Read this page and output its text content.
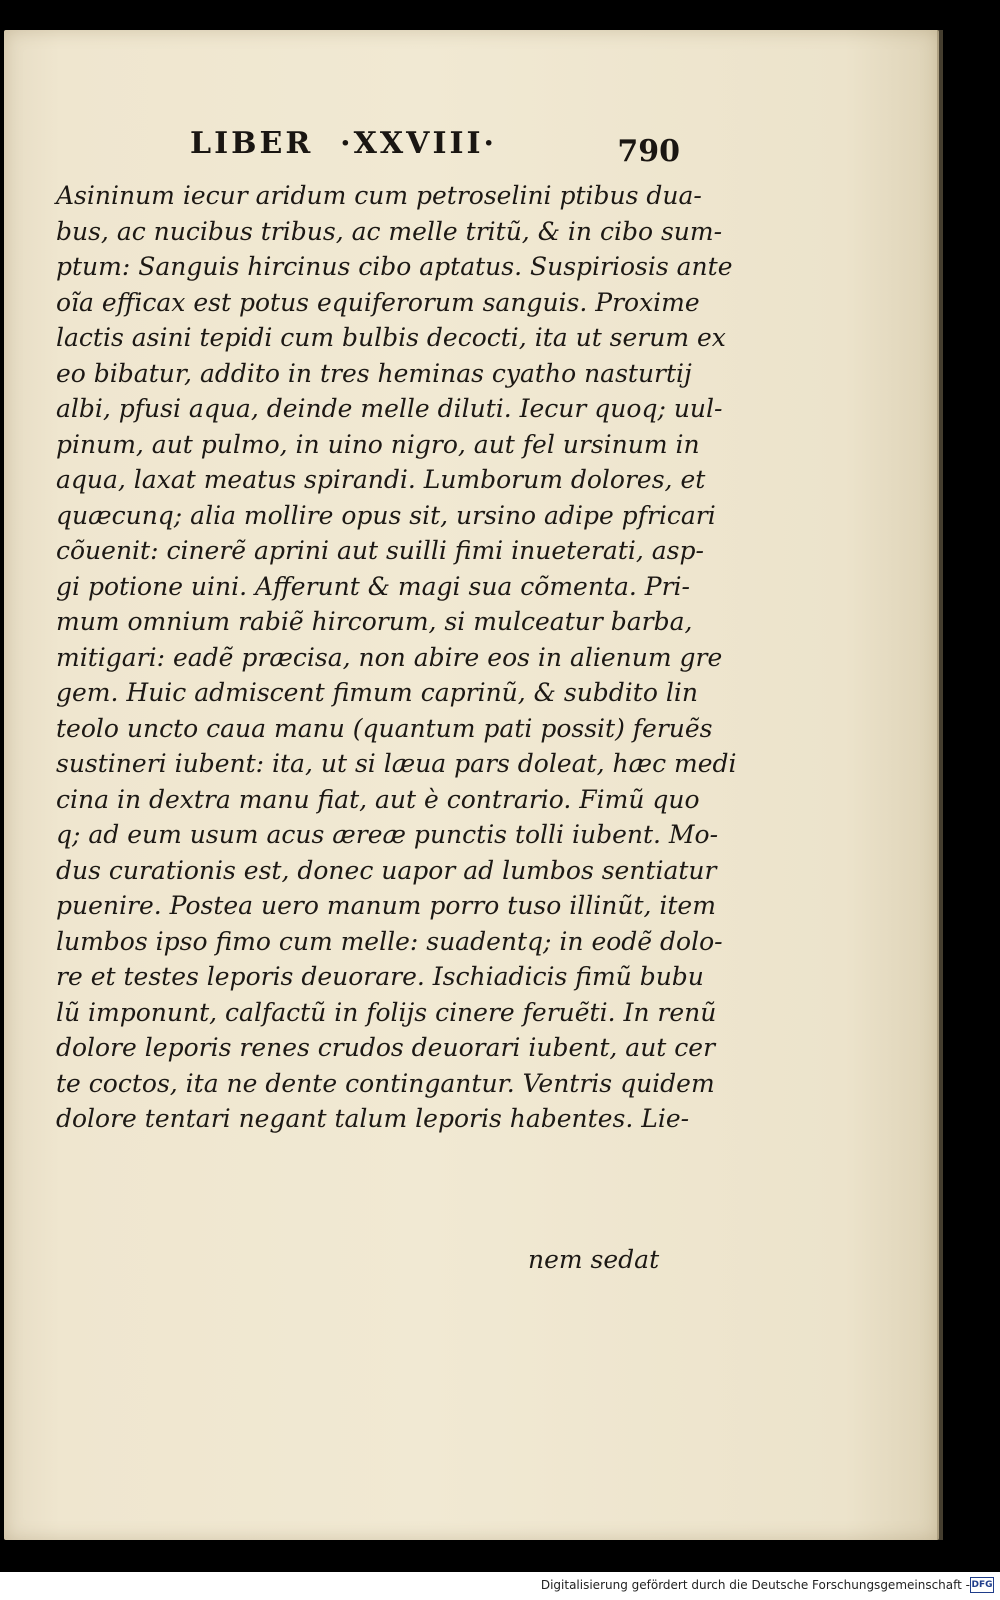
LIBER  ·XXVIII·	790
Asininum iecur aridum cum petroselini ptibus dua-
bus, ac nucibus tribus, ac melle tritũ, & in cibo sum-
ptum: Sanguis hircinus cibo aptatus. Suspiriosis ante
oĩa efficax est potus equiferorum sanguis. Proxime
lactis asini tepidi cum bulbis decocti, ita ut serum ex
eo bibatur, addito in tres heminas cyatho nasturtij
albi, pfusi aqua, deinde melle diluti. Iecur quoq; uul-
pinum, aut pulmo, in uino nigro, aut fel ursinum in
aqua, laxat meatus spirandi. Lumborum dolores, et
quæcunq; alia mollire opus sit, ursino adipe pfricari
cõuenit: cinerẽ aprini aut suilli fimi inueterati, asp-
gi potione uini. Afferunt & magi sua cõmenta. Pri-
mum omnium rabiẽ hircorum, si mulceatur barba,
mitigari: eadẽ præcisa, non abire eos in alienum gre
gem. Huic admiscent fimum caprinũ, & subdito lin
teolo uncto caua manu (quantum pati possit) feruẽs
sustineri iubent: ita, ut si læua pars doleat, hæc medi
cina in dextra manu fiat, aut è contrario. Fimũ quo
q; ad eum usum acus æreæ punctis tolli iubent. Mo-
dus curationis est, donec uapor ad lumbos sentiatur
puenire. Postea uero manum porro tuso illinũt, item
lumbos ipso fimo cum melle: suadentq; in eodẽ dolo-
re et testes leporis deuorare. Ischiadicis fimũ bubu
lũ imponunt, calfactũ in folijs cinere feruẽti. In renũ
dolore leporis renes crudos deuorari iubent, aut cer
te coctos, ita ne dente contingantur. Ventris quidem
dolore tentari negant talum leporis habentes. Lie-
nem sedat
Digitalisierung gefördert durch die Deutsche Forschungsgemeinschaft - DFG
